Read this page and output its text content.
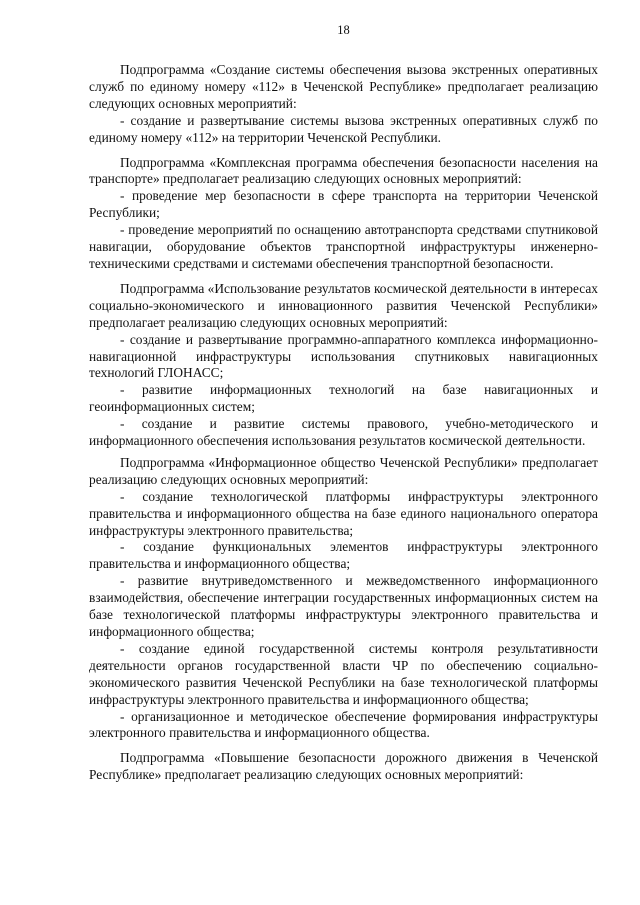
18

Подпрограмма «Создание системы обеспечения вызова экстренных оперативных служб по единому номеру «112» в Чеченской Республике» предполагает реализацию следующих основных мероприятий:

- создание и развертывание системы вызова экстренных оперативных служб по единому номеру «112» на территории Чеченской Республики.

Подпрограмма «Комплексная программа обеспечения безопасности населения на транспорте» предполагает реализацию следующих основных мероприятий:

- проведение мер безопасности в сфере транспорта на территории Чеченской Республики;

- проведение мероприятий по оснащению автотранспорта средствами спутниковой навигации, оборудование объектов транспортной инфраструктуры инженерно-техническими средствами и системами обеспечения транспортной безопасности.

Подпрограмма «Использование результатов космической деятельности в интересах социально-экономического и инновационного развития Чеченской Республики» предполагает реализацию следующих основных мероприятий:

- создание и развертывание программно-аппаратного комплекса информационно-навигационной инфраструктуры использования спутниковых навигационных технологий ГЛОНАСС;

- развитие информационных технологий на базе навигационных и геоинформационных систем;

- создание и развитие системы правового, учебно-методического и информационного обеспечения использования результатов космической деятельности.

Подпрограмма «Информационное общество Чеченской Республики» предполагает реализацию следующих основных мероприятий:

- создание технологической платформы инфраструктуры электронного правительства и информационного общества на базе единого национального оператора инфраструктуры электронного правительства;

- создание функциональных элементов инфраструктуры электронного правительства и информационного общества;

- развитие внутриведомственного и межведомственного информационного взаимодействия, обеспечение интеграции государственных информационных систем на базе технологической платформы инфраструктуры электронного правительства и информационного общества;

- создание единой государственной системы контроля результативности деятельности органов государственной власти ЧР по обеспечению социально-экономического развития Чеченской Республики на базе технологической платформы инфраструктуры электронного правительства и информационного общества;

- организационное и методическое обеспечение формирования инфраструктуры электронного правительства и информационного общества.

Подпрограмма «Повышение безопасности дорожного движения в Чеченской Республике» предполагает реализацию следующих основных мероприятий:
